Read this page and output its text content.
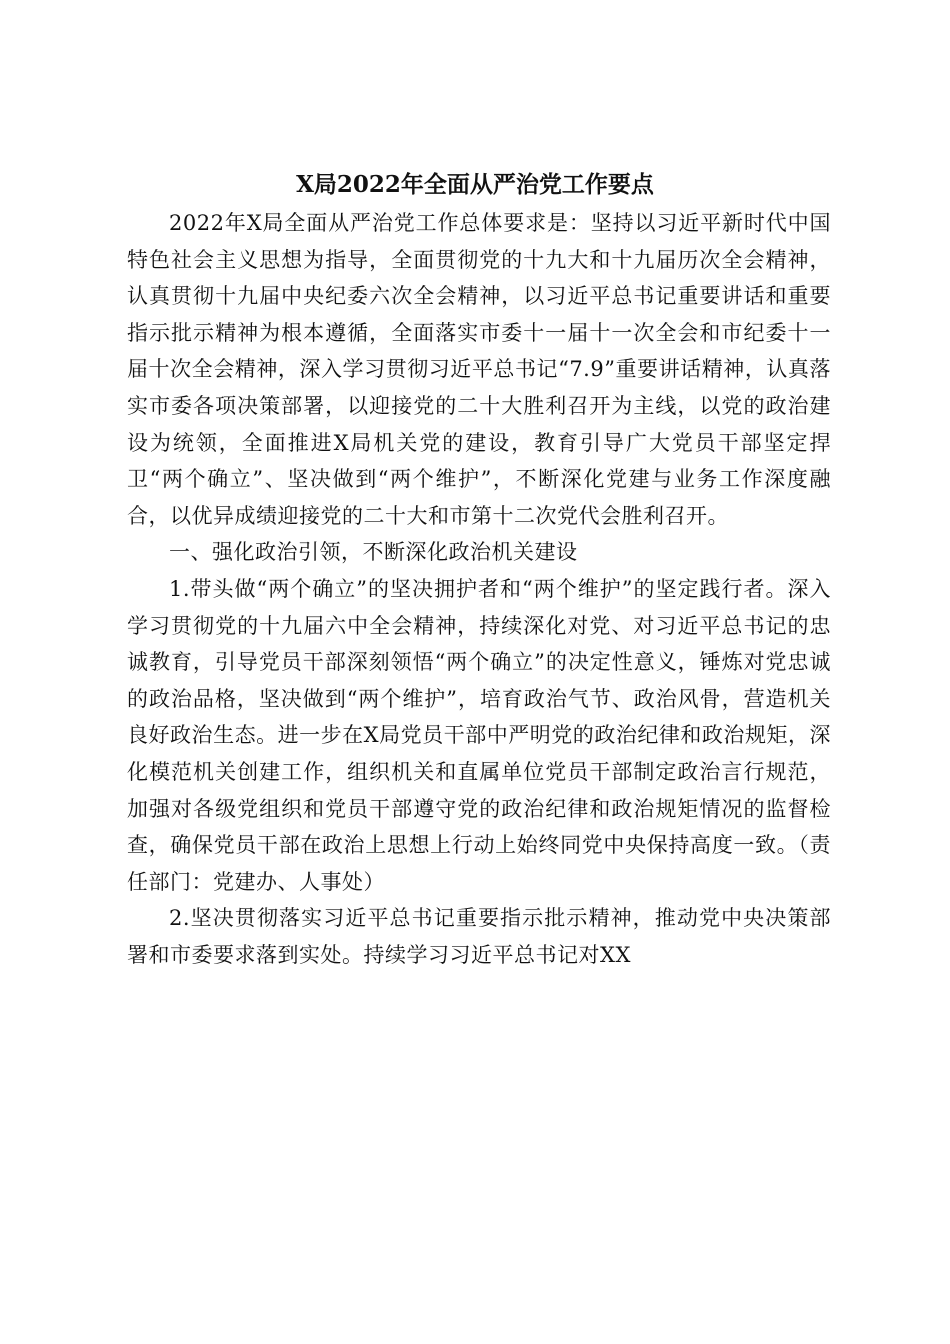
X局2022年全面从严治党工作要点

2022年X局全面从严治党工作总体要求是：坚持以习近平新时代中国特色社会主义思想为指导，全面贯彻党的十九大和十九届历次全会精神，认真贯彻十九届中央纪委六次全会精神，以习近平总书记重要讲话和重要指示批示精神为根本遵循，全面落实市委十一届十一次全会和市纪委十一届十次全会精神，深入学习贯彻习近平总书记“7.9”重要讲话精神，认真落实市委各项决策部署，以迎接党的二十大胜利召开为主线，以党的政治建设为统领，全面推进X局机关党的建设，教育引导广大党员干部坚定捍卫“两个确立”、坚决做到“两个维护”，不断深化党建与业务工作深度融合，以优异成绩迎接党的二十大和市第十二次党代会胜利召开。

一、强化政治引领，不断深化政治机关建设

1.带头做“两个确立”的坚决拥护者和“两个维护”的坚定践行者。深入学习贯彻党的十九届六中全会精神，持续深化对党、对习近平总书记的忠诚教育，引导党员干部深刻领悟“两个确立”的决定性意义，锤炼对党忠诚的政治品格，坚决做到“两个维护”，培育政治气节、政治风骨，营造机关良好政治生态。进一步在X局党员干部中严明党的政治纪律和政治规矩，深化模范机关创建工作，组织机关和直属单位党员干部制定政治言行规范，加强对各级党组织和党员干部遵守党的政治纪律和政治规矩情况的监督检查，确保党员干部在政治上思想上行动上始终同党中央保持高度一致。（责任部门：党建办、人事处）

2.坚决贯彻落实习近平总书记重要指示批示精神，推动党中央决策部署和市委要求落到实处。持续学习习近平总书记对XX
